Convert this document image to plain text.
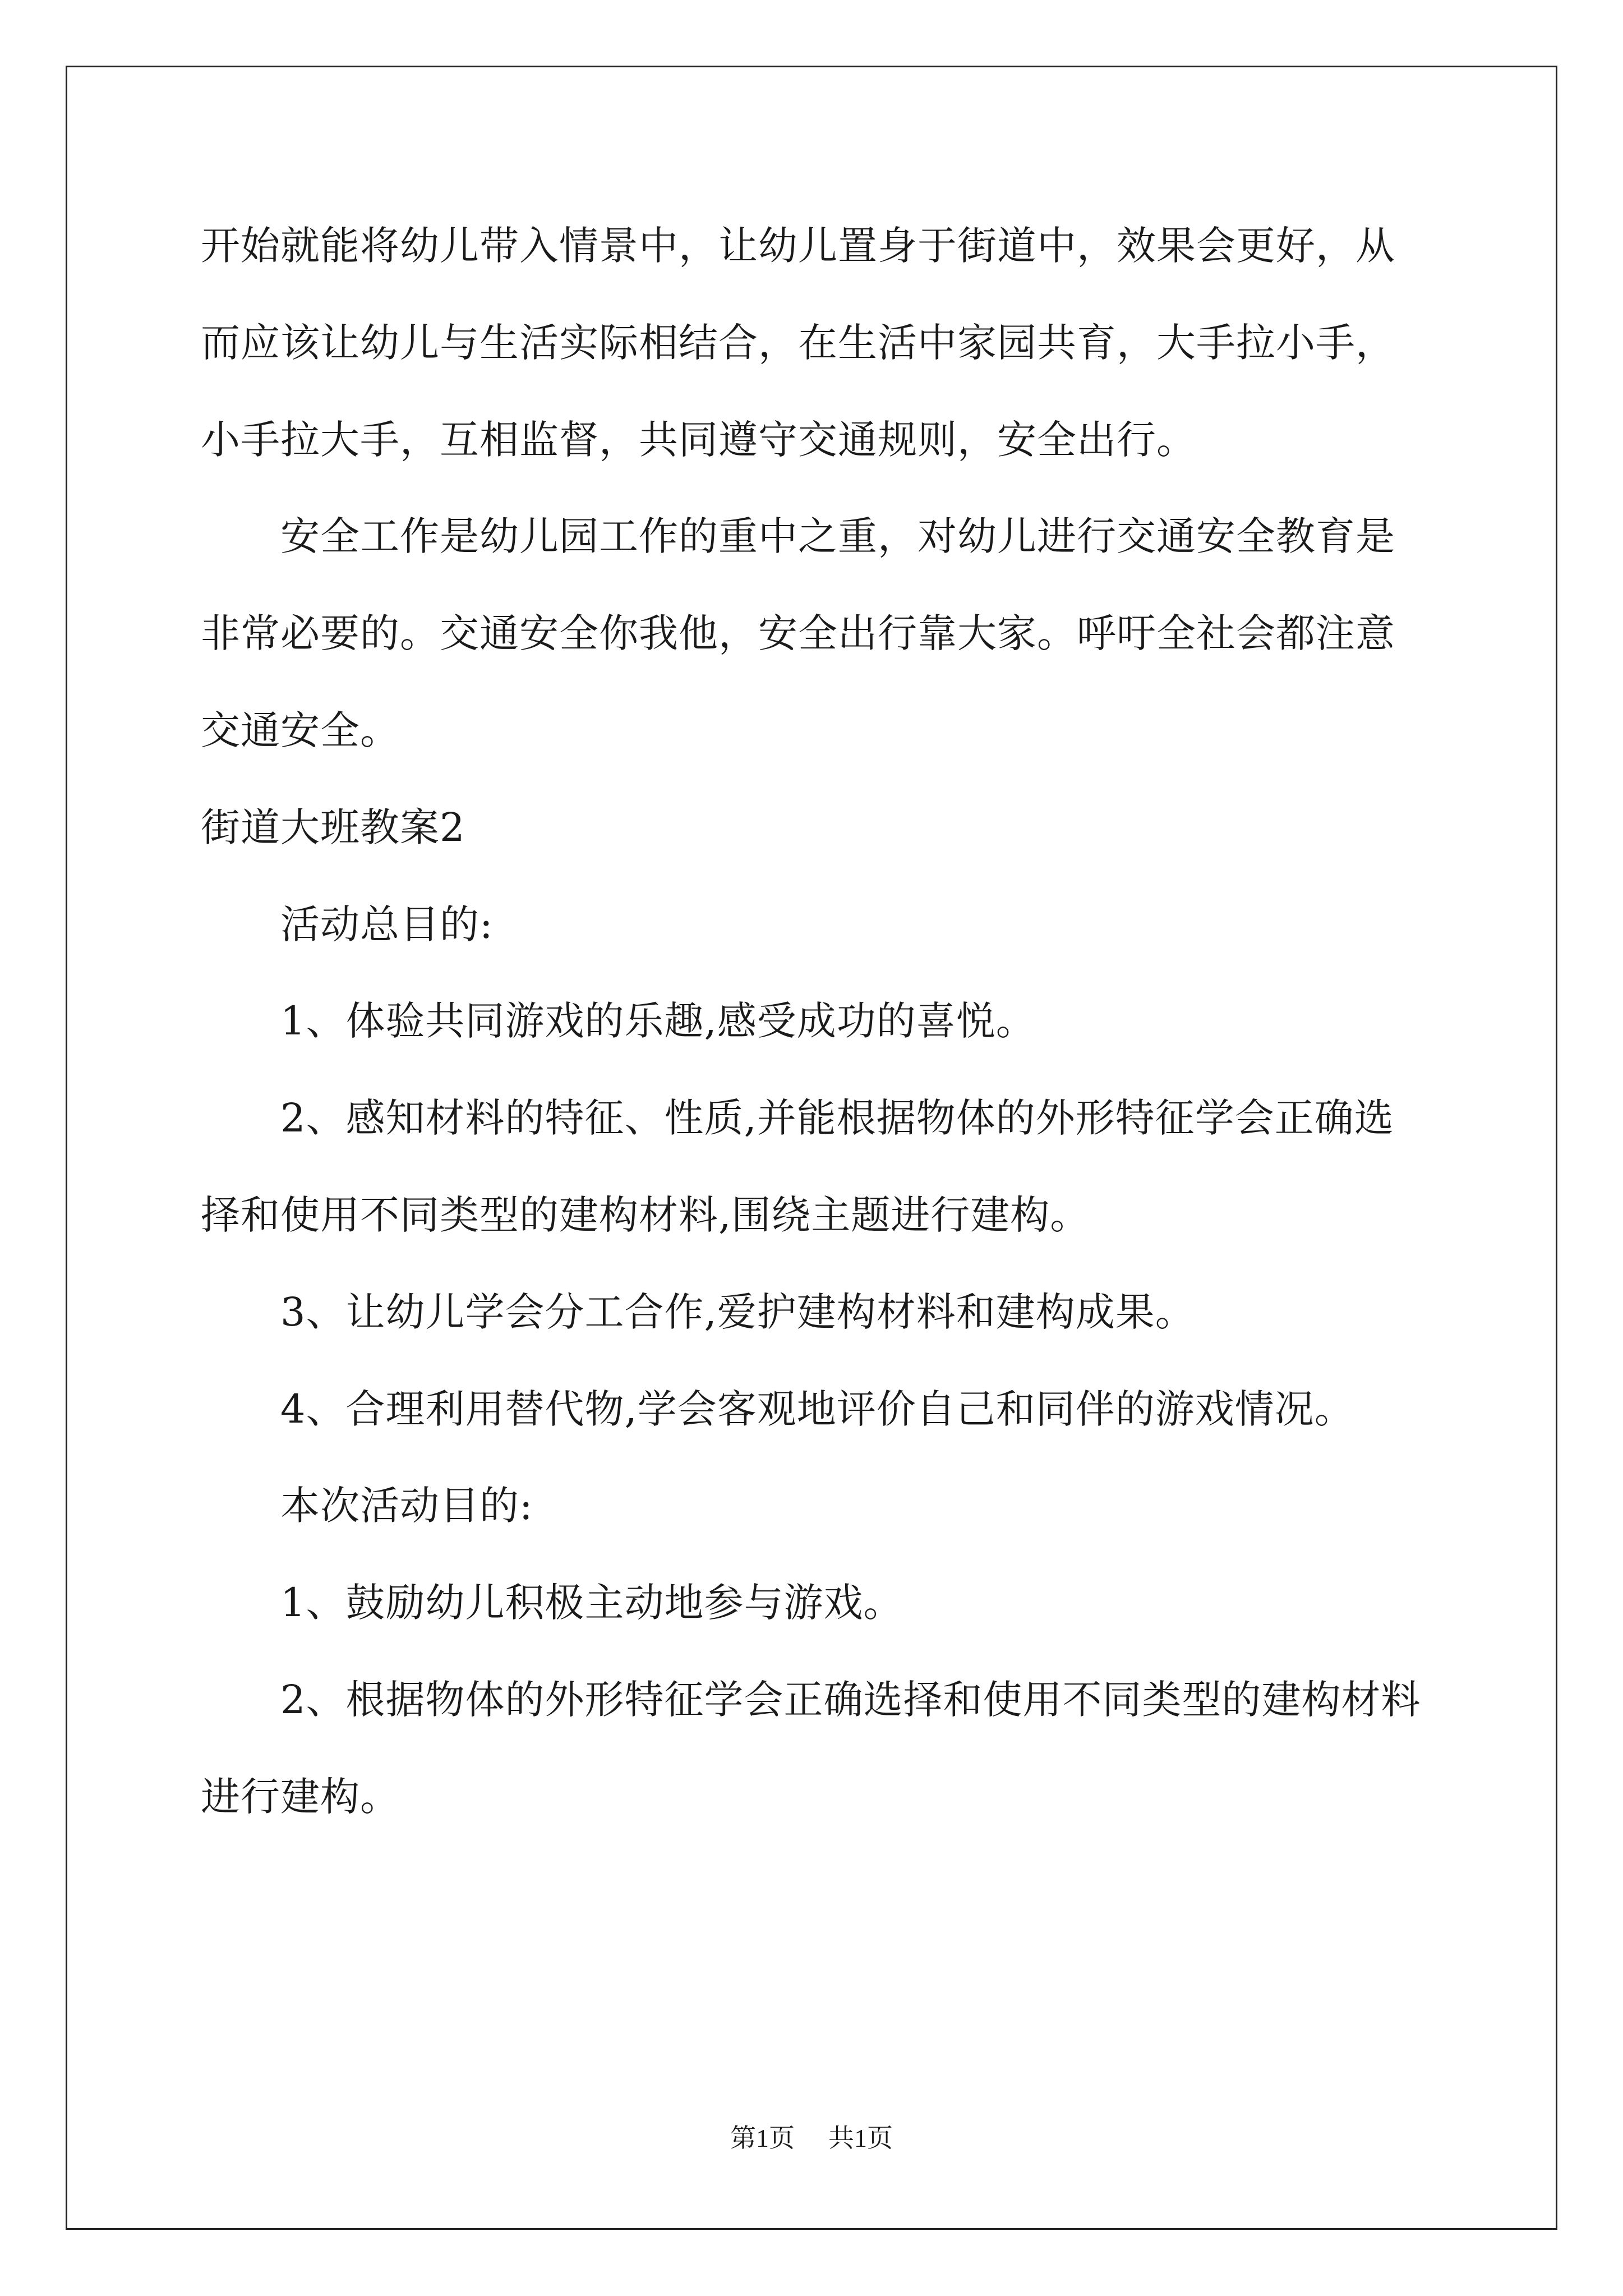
开始就能将幼儿带入情景中，让幼儿置身于街道中，效果会更好，从
而应该让幼儿与生活实际相结合，在生活中家园共育，大手拉小手，
小手拉大手，互相监督，共同遵守交通规则，安全出行。
安全工作是幼儿园工作的重中之重，对幼儿进行交通安全教育是
非常必要的。交通安全你我他，安全出行靠大家。呼吁全社会都注意
交通安全。
街道大班教案2
活动总目的:
1、体验共同游戏的乐趣,感受成功的喜悦。
2、感知材料的特征、性质,并能根据物体的外形特征学会正确选
择和使用不同类型的建构材料,围绕主题进行建构。
3、让幼儿学会分工合作,爱护建构材料和建构成果。
4、合理利用替代物,学会客观地评价自己和同伴的游戏情况。
本次活动目的:
1、鼓励幼儿积极主动地参与游戏。
2、根据物体的外形特征学会正确选择和使用不同类型的建构材料
进行建构。
第1页 共1页
